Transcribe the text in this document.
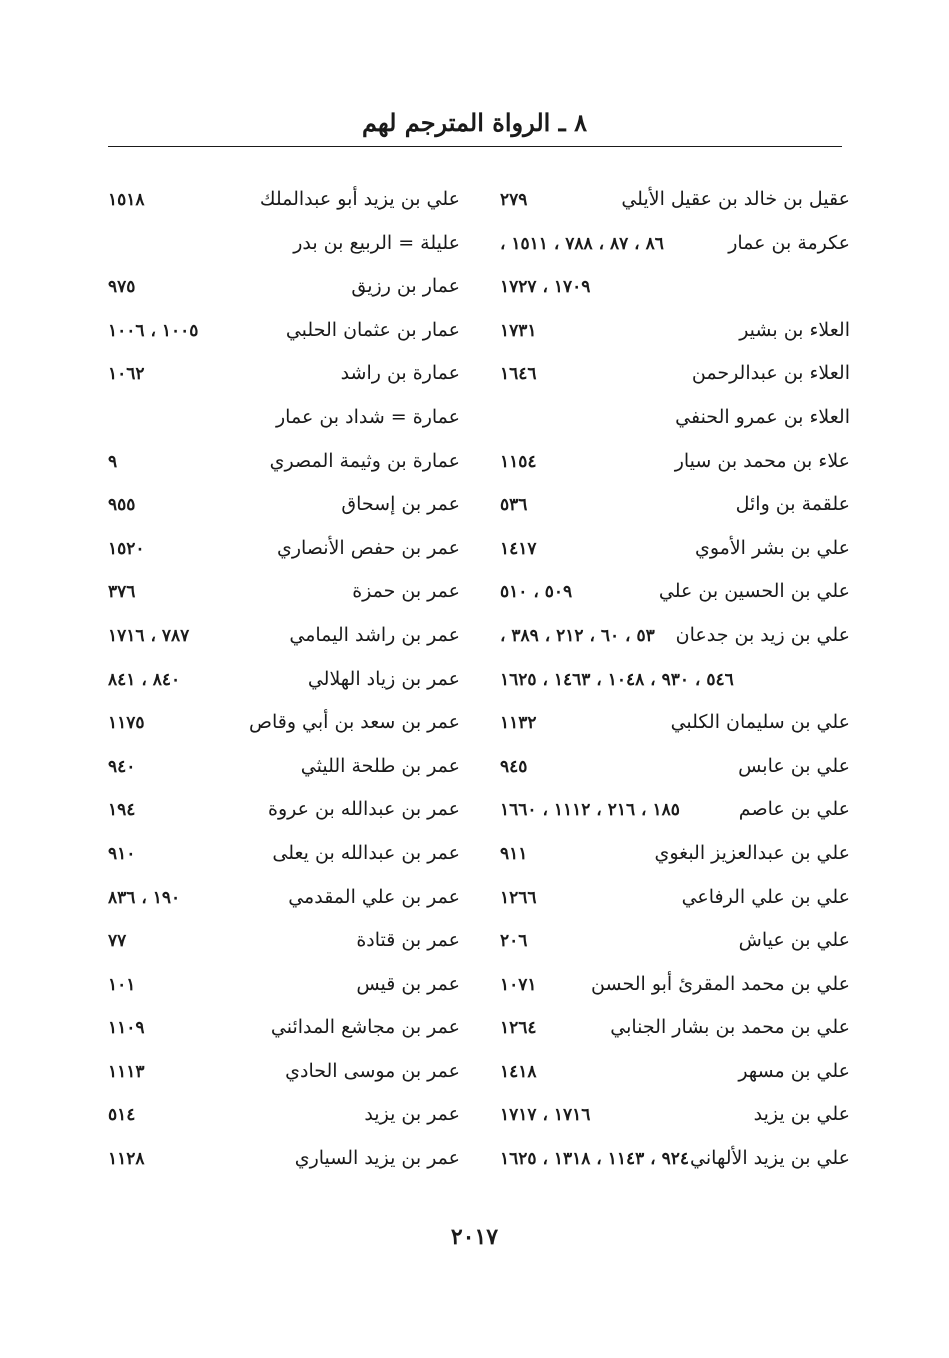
٨ ـ الرواة المترجم لهم
عقيل بن خالد بن عقيل الأيلي
٢٧٩
عكرمة بن عمار
٨٦ ، ٨٧ ، ٧٨٨ ، ١٥١١ ،
١٧٠٩ ، ١٧٢٧
العلاء بن بشير
١٧٣١
العلاء بن عبدالرحمن
١٦٤٦
العلاء بن عمرو الحنفي
علاء بن محمد بن سيار
١١٥٤
علقمة بن وائل
٥٣٦
علي بن بشر الأموي
١٤١٧
علي بن الحسين بن علي
٥٠٩ ، ٥١٠
علي بن زيد بن جدعان
٥٣ ، ٦٠ ، ٢١٢ ، ٣٨٩ ،
٥٤٦ ، ٩٣٠ ، ١٠٤٨ ، ١٤٦٣ ، ١٦٢٥
علي بن سليمان الكلبي
١١٣٢
علي بن عابس
٩٤٥
علي بن عاصم
١٨٥ ، ٢١٦ ، ١١١٢ ، ١٦٦٠
علي بن عبدالعزيز البغوي
٩١١
علي بن علي الرفاعي
١٢٦٦
علي بن عياش
٢٠٦
علي بن محمد المقرئ أبو الحسن
١٠٧١
علي بن محمد بن بشار الجنابي
١٢٦٤
علي بن مسهر
١٤١٨
علي بن يزيد
١٧١٦ ، ١٧١٧
علي بن يزيد الألهاني
٩٢٤ ، ١١٤٣ ، ١٣١٨ ، ١٦٢٥
علي بن يزيد أبو عبدالملك
١٥١٨
عليلة = الربيع بن بدر
عمار بن رزيق
٩٧٥
عمار بن عثمان الحلبي
١٠٠٥ ، ١٠٠٦
عمارة بن راشد
١٠٦٢
عمارة = شداد بن عمار
عمارة بن وثيمة المصري
٩
عمر بن إسحاق
٩٥٥
عمر بن حفص الأنصاري
١٥٢٠
عمر بن حمزة
٣٧٦
عمر بن راشد اليمامي
٧٨٧ ، ١٧١٦
عمر بن زياد الهلالي
٨٤٠ ، ٨٤١
عمر بن سعد بن أبي وقاص
١١٧٥
عمر بن طلحة الليثي
٩٤٠
عمر بن عبدالله بن عروة
١٩٤
عمر بن عبدالله بن يعلى
٩١٠
عمر بن علي المقدمي
١٩٠ ، ٨٣٦
عمر بن قتادة
٧٧
عمر بن قيس
١٠١
عمر بن مجاشع المدائني
١١٠٩
عمر بن موسى الحادي
١١١٣
عمر بن يزيد
٥١٤
عمر بن يزيد السياري
١١٢٨
٢٠١٧
